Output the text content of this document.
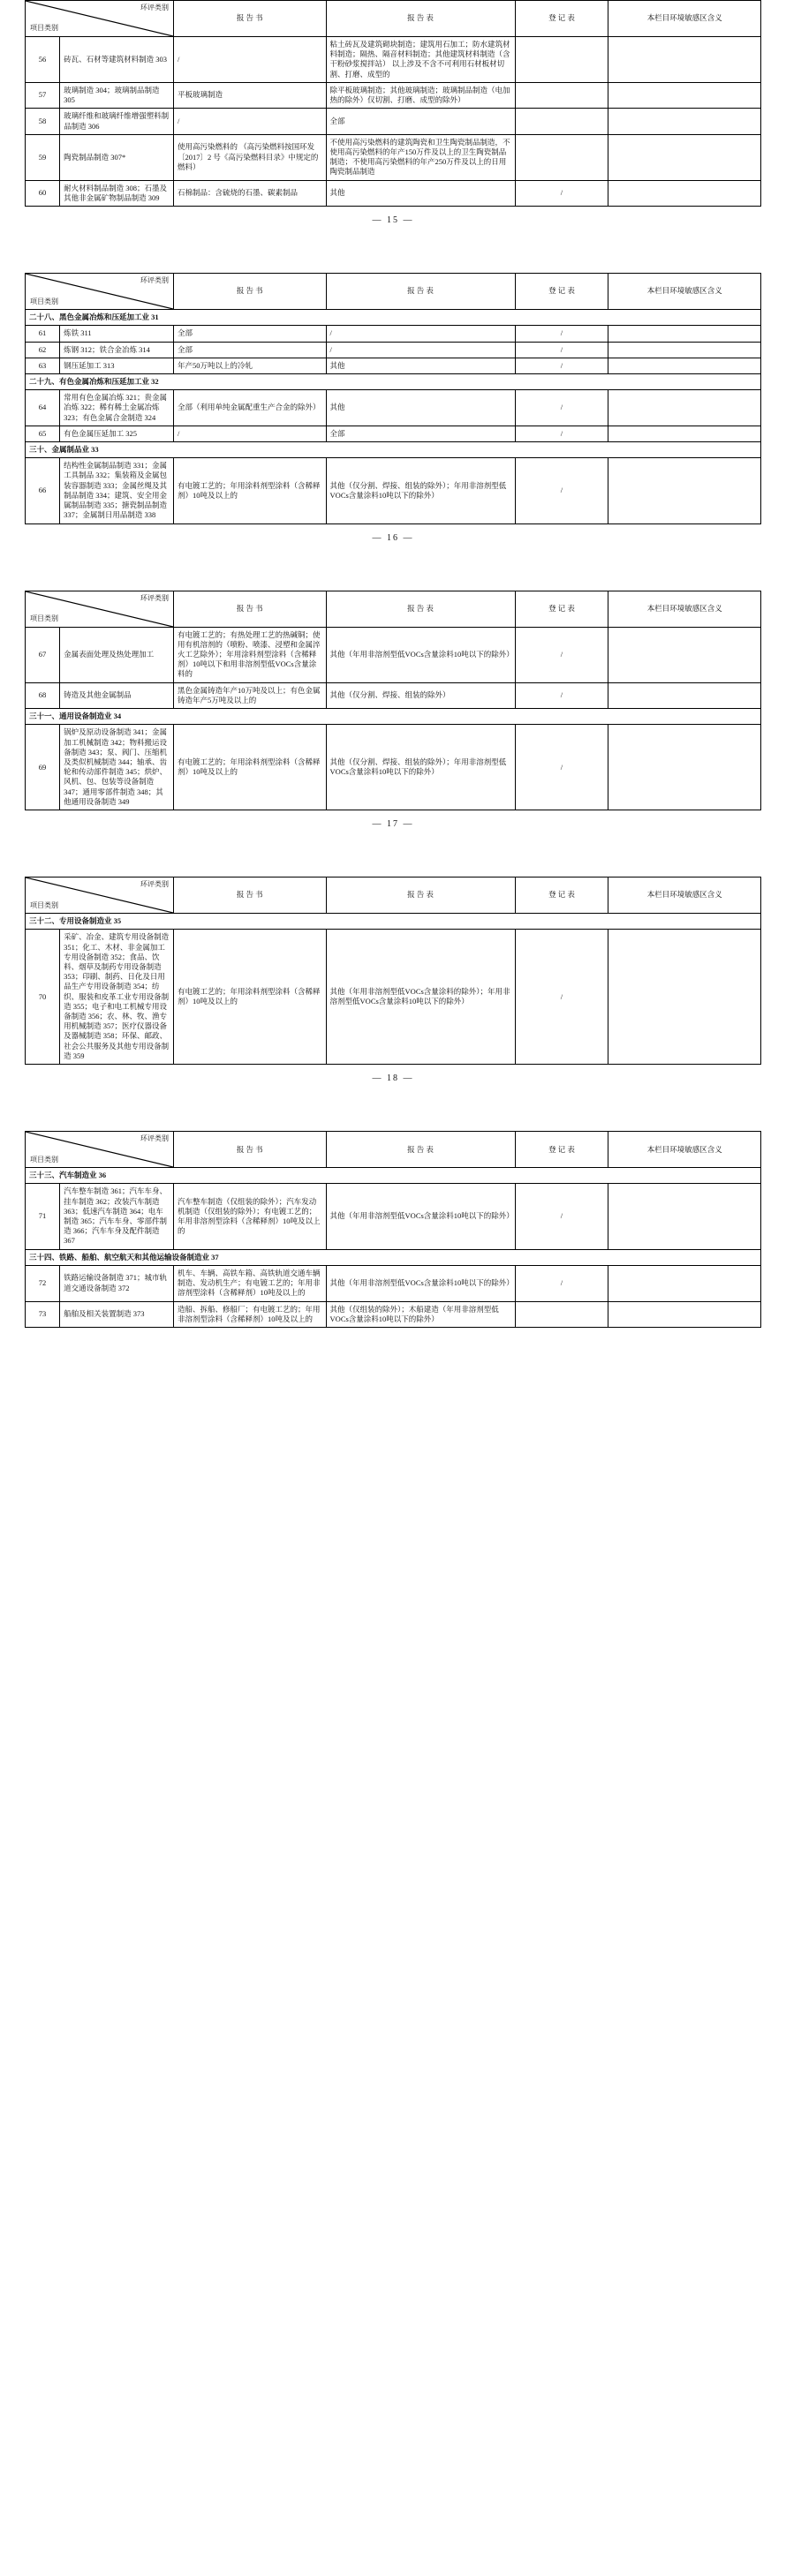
环评类别
项目类别		报 告 书	报 告 表	登 记 表	本栏目环境敏感区含义
56	砖瓦、石材等建筑材料制造 303	/	粘土砖瓦及建筑砌块制造；建筑用石加工；防水建筑材料制造；隔热、隔音材料制造；其他建筑材料制造（含干粉砂浆搅拌站） 以上涉及不含不可利用石材板材切割、打磨、成型的		
57	玻璃制造 304；玻璃制品制造 305	平板玻璃制造	除平板玻璃制造；其他玻璃制造；玻璃制品制造（电加热的除外）仅切割、打磨、成型的除外）		
58	玻璃纤维和玻璃纤维增强塑料制品制造 306	/	全部		
59	陶瓷制品制造 307*	使用高污染燃料的 （高污染燃料按国环发〔2017〕2 号《高污染燃料目录》中规定的燃料）	不使用高污染燃料的建筑陶瓷和卫生陶瓷制品制造，不使用高污染燃料的年产150万件及以上的卫生陶瓷制品制造；不使用高污染燃料的年产250万件及以上的日用陶瓷制品制造		
60	耐火材料制品制造 308；石墨及其他非金属矿物制品制造 309	石棉制品：含硫烧的石墨、碳素制品	其他	/	
— 15 —
环评类别
项目类别		报 告 书	报 告 表	登 记 表	本栏目环境敏感区含义
二十八、黑色金属冶炼和压延加工业 31					
61	炼铁 311	全部	/	/	
62	炼钢 312；铁合金冶炼 314	全部	/	/	
63	钢压延加工 313	年产50万吨以上的冷轧	其他	/	
二十九、有色金属冶炼和压延加工业 32					
64	常用有色金属冶炼 321；贵金属冶炼 322；稀有稀土金属冶炼 323；有色金属合金制造 324	全部（利用单纯金属配重生产合金的除外）	其他	/	
65	有色金属压延加工 325	/	全部	/	
三十、金属制品业 33					
66	结构性金属制品制造 331；金属工具制品 332；集装箱及金属包装容器制造 333；金属丝绳及其制品制造 334；建筑、安全用金属制品制造 335；搪瓷制品制造 337；金属制日用品制造 338	有电镀工艺的；年用涂料剂型涂料（含稀释剂）10吨及以上的	其他（仅分割、焊接、组装的除外）；年用非溶剂型低VOCs含量涂料10吨以下的除外）	/	
— 16 —
环评类别
项目类别		报 告 书	报 告 表	登 记 表	本栏目环境敏感区含义
67	金属表面处理及热处理加工	有电镀工艺的；有热处理工艺的热碱铜；使用有机溶剂的（喷粉、喷漆、浸塑和金属淬火工艺除外）；年用涂料剂型涂料（含稀释剂）10吨以下和用非溶剂型低VOCs含量涂料的	其他（年用非溶剂型低VOCs含量涂料10吨以下的除外）	/	
68	铸造及其他金属制品	黑色金属铸造年产10万吨及以上；有色金属铸造年产5万吨及以上的	其他（仅分割、焊接、组装的除外）	/	
三十一、通用设备制造业 34					
69	锅炉及原动设备制造 341；金属加工机械制造 342；物料搬运设备制造 343；泵、阀门、压缩机及类似机械制造 344；轴承、齿轮和传动部件制造 345；烘炉、风机、包、包装等设备制造 347；通用零部件制造 348；其他通用设备制造 349	有电镀工艺的；年用涂料剂型涂料（含稀释剂）10吨及以上的	其他（仅分割、焊接、组装的除外）；年用非溶剂型低VOCs含量涂料10吨以下的除外）	/	
— 17 —
环评类别
项目类别		报 告 书	报 告 表	登 记 表	本栏目环境敏感区含义
三十二、专用设备制造业 35					
70	采矿、冶金、建筑专用设备制造 351；化工、木材、非金属加工专用设备制造 352；食品、饮料、烟草及制药专用设备制造 353；印刷、制药、日化及日用品生产专用设备制造 354；纺织、服装和皮革工业专用设备制造 355；电子和电工机械专用设备制造 356；农、林、牧、渔专用机械制造 357；医疗仪器设备及器械制造 358；环保、邮政、社会公共服务及其他专用设备制造 359	有电镀工艺的；年用涂料剂型涂料（含稀释剂）10吨及以上的	其他（年用非溶剂型低VOCs含量涂料的除外）；年用非溶剂型低VOCs含量涂料10吨以下的除外）	/	
— 18 —
环评类别
项目类别		报 告 书	报 告 表	登 记 表	本栏目环境敏感区含义
三十三、汽车制造业 36					
71	汽车整车制造 361；汽车车身、挂车制造 362；改装汽车制造 363；低速汽车制造 364；电车制造 365；汽车车身、零部件制造 366；汽车车身及配件制造 367	汽车整车制造（仅组装的除外）；汽车发动机制造（仅组装的除外）；有电镀工艺的；年用非溶剂型涂料（含稀释剂）10吨及以上的	其他（年用非溶剂型低VOCs含量涂料10吨以下的除外）	/	
三十四、铁路、船舶、航空航天和其他运输设备制造业 37					
72	铁路运输设备制造 371；城市轨道交通设备制造 372	机车、车辆、高铁车箱、高铁轨道交通车辆制造、发动机生产；有电镀工艺的；年用非溶剂型涂料（含稀释剂）10吨及以上的	其他（年用非溶剂型低VOCs含量涂料10吨以下的除外）	/	
73	船舶及相关装置制造 373	造船、拆船、修船厂；有电镀工艺的；年用非溶剂型涂料（含稀释剂）10吨及以上的	其他（仅组装的除外）；木船建造（年用非溶剂型低VOCs含量涂料10吨以下的除外）		
